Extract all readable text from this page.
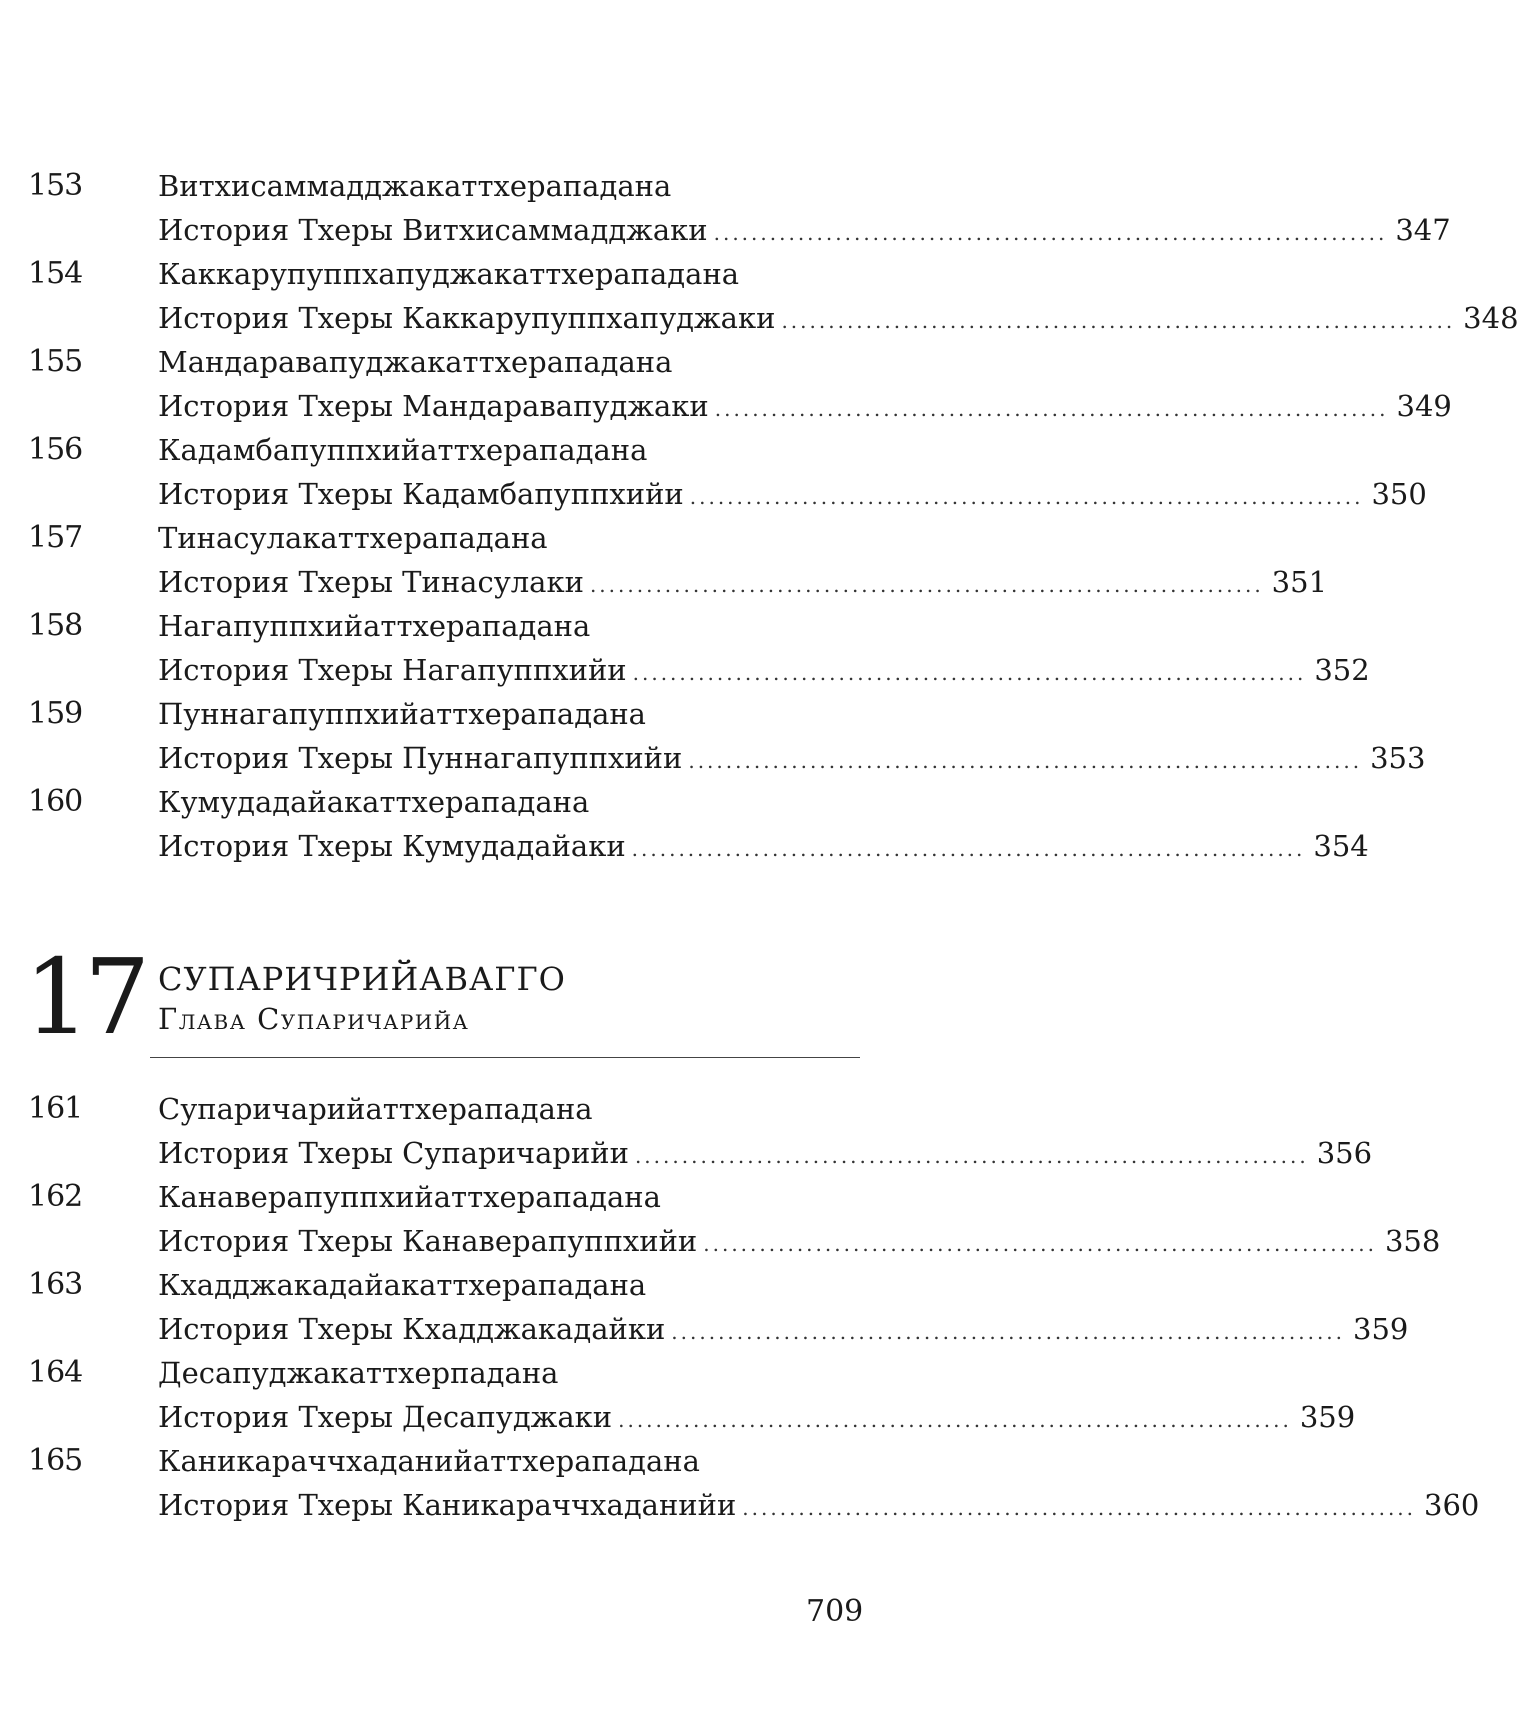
153	Витхисаммадджакаттхерападана
История Тхеры Витхисаммадджаки ........................................................................ 347
154	Каккарупуппхапуджакаттхерападана
История Тхеры Каккарупуппхапуджаки ........................................................................ 348
155	Мандаравапуджакаттхерападана
История Тхеры Мандаравапуджаки ........................................................................ 349
156	Кадамбапуппхийаттхерападана
История Тхеры Кадамбапуппхийи ........................................................................ 350
157	Тинасулакаттхерападана
История Тхеры Тинасулаки ........................................................................ 351
158	Нагапуппхийаттхерападана
История Тхеры Нагапуппхийи ........................................................................ 352
159	Пуннагапуппхийаттхерападана
История Тхеры Пуннагапуппхийи ........................................................................ 353
160	Кумудадайакаттхерападана
История Тхеры Кумудадайаки ........................................................................ 354
17 СУПАРИЧРИЙАВАГГО
Глава Супаричарийа
161	Супаричарийаттхерападана
История Тхеры Супаричарийи ........................................................................ 356
162	Канаверапуппхийаттхерападана
История Тхеры Канаверапуппхийи ........................................................................ 358
163	Кхадджакадайакаттхерападана
История Тхеры Кхадджакадайки ........................................................................ 359
164	Десапуджакаттхерпадана
История Тхеры Десапуджаки ........................................................................ 359
165	Каникараччхаданийаттхерападана
История Тхеры Каникараччхаданийи ........................................................................ 360
709
